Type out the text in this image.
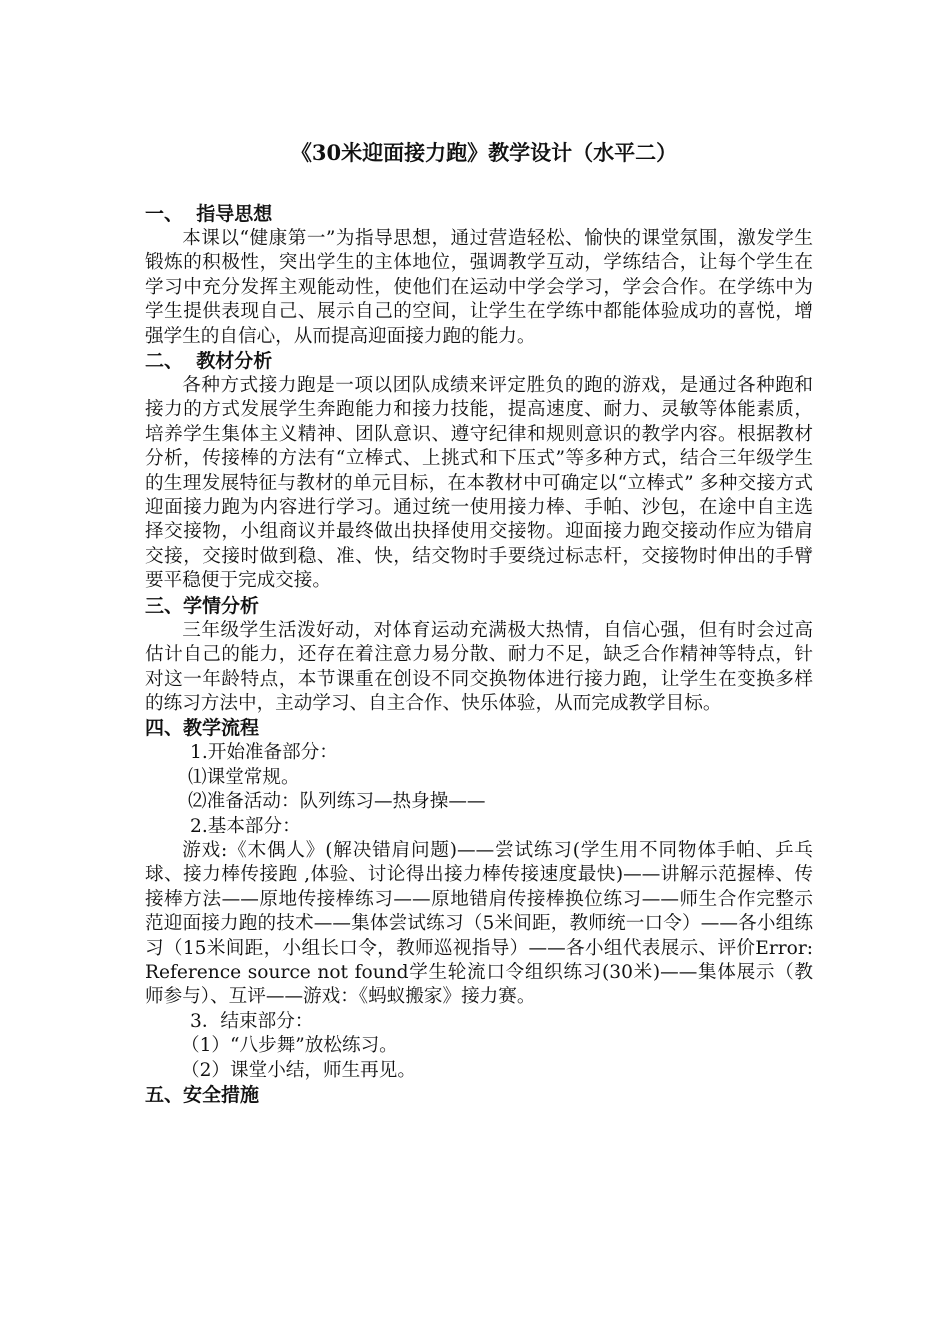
《30米迎面接力跑》教学设计（水平二）
一、  指导思想

本课以“健康第一”为指导思想，通过营造轻松、愉快的课堂氛围，激发学生锻炼的积极性，突出学生的主体地位，强调教学互动，学练结合，让每个学生在学习中充分发挥主观能动性，使他们在运动中学会学习，学会合作。在学练中为学生提供表现自己、展示自己的空间，让学生在学练中都能体验成功的喜悦，增强学生的自信心，从而提高迎面接力跑的能力。

二、  教材分析

各种方式接力跑是一项以团队成绩来评定胜负的跑的游戏，是通过各种跑和接力的方式发展学生奔跑能力和接力技能，提高速度、耐力、灵敏等体能素质，培养学生集体主义精神、团队意识、遵守纪律和规则意识的教学内容。根据教材分析，传接棒的方法有“立棒式、上挑式和下压式”等多种方式，结合三年级学生的生理发展特征与教材的单元目标，在本教材中可确定以“立棒式” 多种交接方式迎面接力跑为内容进行学习。通过统一使用接力棒、手帕、沙包，在途中自主选择交接物，小组商议并最终做出抉择使用交接物。迎面接力跑交接动作应为错肩交接，交接时做到稳、准、快，结交物时手要绕过标志杆，交接物时伸出的手臂要平稳便于完成交接。

三、学情分析

三年级学生活泼好动，对体育运动充满极大热情，自信心强，但有时会过高估计自己的能力，还存在着注意力易分散、耐力不足，缺乏合作精神等特点，针对这一年龄特点，本节课重在创设不同交换物体进行接力跑，让学生在变换多样的练习方法中，主动学习、自主合作、快乐体验，从而完成教学目标。

四、教学流程
1.开始准备部分：
⑴课堂常规。
⑵准备活动：队列练习—热身操——
2.基本部分：

游戏:《木偶人》(解决错肩问题)——尝试练习(学生用不同物体手帕、乒乓球、接力棒传接跑 ,体验、讨论得出接力棒传接速度最快)——讲解示范握棒、传接棒方法——原地传接棒练习——原地错肩传接棒换位练习——师生合作完整示范迎面接力跑的技术——集体尝试练习（5米间距，教师统一口令）——各小组练习（15米间距，小组长口令，教师巡视指导）——各小组代表展示、评价Error: Reference source not found学生轮流口令组织练习(30米)——集体展示（教师参与）、互评——游戏：《蚂蚁搬家》接力赛。

3．结束部分：
（1）“八步舞”放松练习。
（2）课堂小结，师生再见。
五、安全措施
